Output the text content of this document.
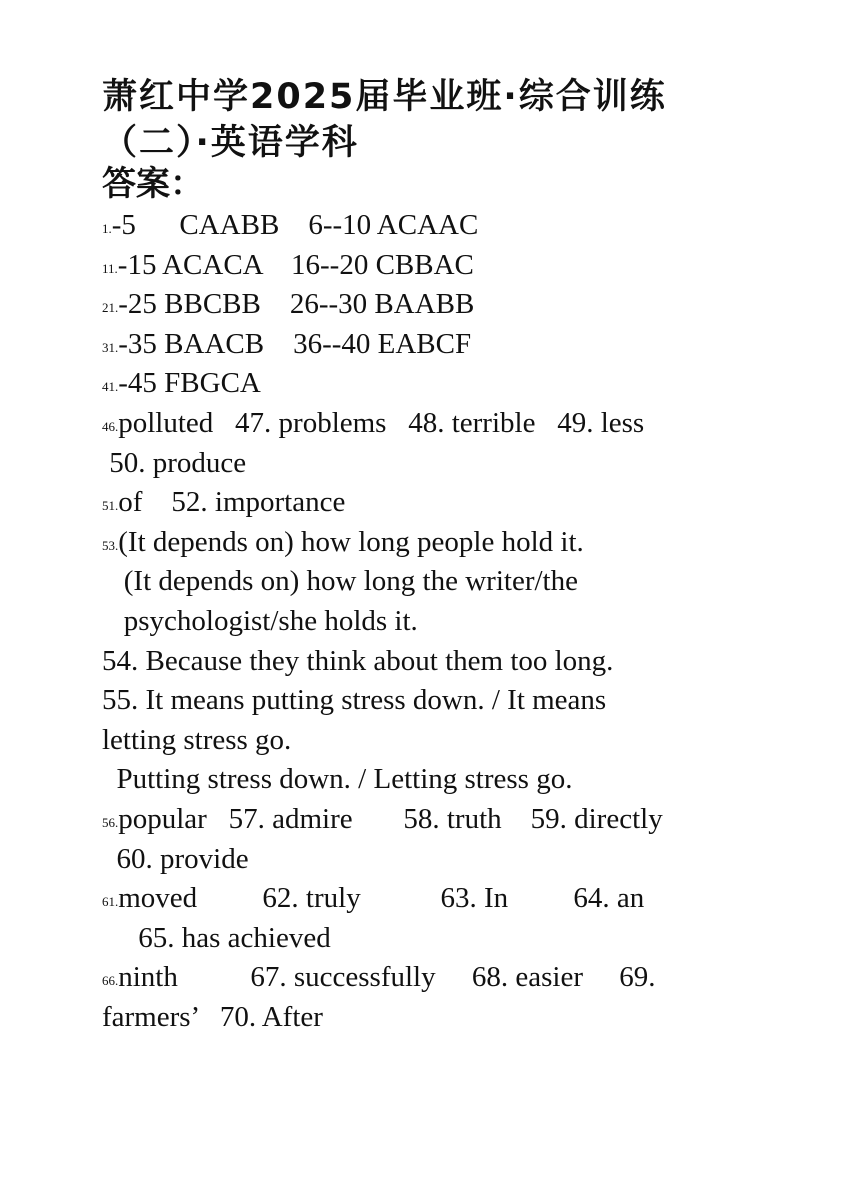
萧红中学2025届毕业班·综合训练
（二）·英语学科
答案：
1.-5      CAABB    6--10 ACAAC
11.-15 ACACA    16--20 CBBAC
21.-25 BBCBB    26--30 BAABB
31.-35 BAACB    36--40 EABCF
41.-45 FBGCA
46.polluted   47. problems   48. terrible   49. less
50. produce
51.of    52. importance
53.(It depends on) how long people hold it.
(It depends on) how long the writer/the
psychologist/she holds it.
54. Because they think about them too long.
55. It means putting stress down. / It means
letting stress go.
Putting stress down. / Letting stress go.
56.popular   57. admire       58. truth    59. directly
60. provide
61.moved         62. truly           63. In         64. an
65. has achieved
66.ninth          67. successfully     68. easier     69.
farmers’   70. After
